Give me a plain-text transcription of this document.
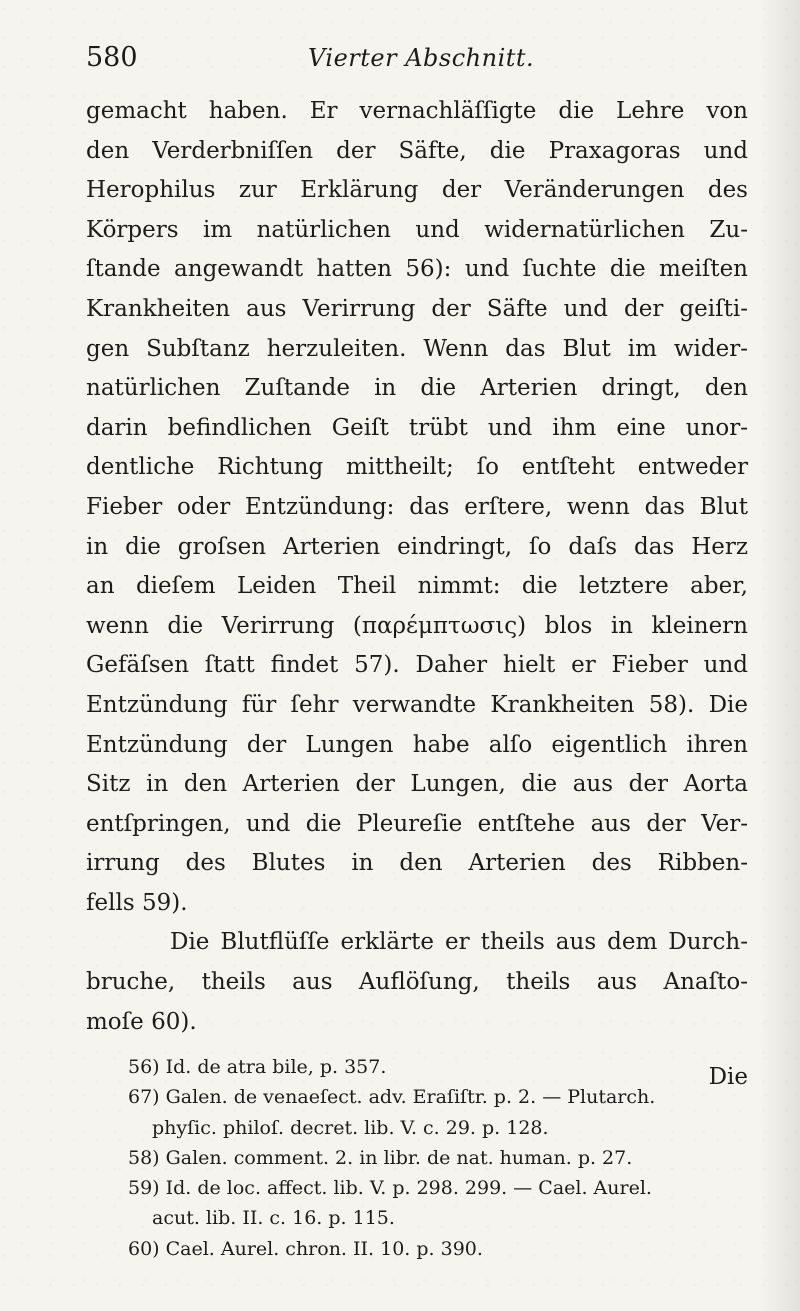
580	Vierter Abschnitt.
gemacht haben. Er vernachläſſigte die Lehre von
den Verderbniſſen der Säfte, die Praxagoras und
Herophilus zur Erklärung der Veränderungen des
Körpers im natürlichen und widernatürlichen Zu-
ſtande angewandt hatten 56): und ſuchte die meiſten
Krankheiten aus Verirrung der Säfte und der geiſti-
gen Subſtanz herzuleiten. Wenn das Blut im wider-
natürlichen Zuſtande in die Arterien dringt, den
darin befindlichen Geiſt trübt und ihm eine unor-
dentliche Richtung mittheilt; ſo entſteht entweder
Fieber oder Entzündung: das erſtere, wenn das Blut
in die groſsen Arterien eindringt, ſo daſs das Herz
an dieſem Leiden Theil nimmt: die letztere aber,
wenn die Verirrung (παρέμπτωσις) blos in kleinern
Gefäſsen ſtatt findet 57). Daher hielt er Fieber und
Entzündung für ſehr verwandte Krankheiten 58). Die
Entzündung der Lungen habe alſo eigentlich ihren
Sitz in den Arterien der Lungen, die aus der Aorta
entſpringen, und die Pleureſie entſtehe aus der Ver-
irrung des Blutes in den Arterien des Ribben-
fells 59).
Die Blutflüſſe erklärte er theils aus dem Durch-
bruche, theils aus Auflöſung, theils aus Anaſto-
moſe 60).
Die
56) Id. de atra bile, p. 357.
67) Galen. de venaeſect. adv. Eraſiſtr. p. 2. — Plutarch.
phyſic. philoſ. decret. lib. V. c. 29. p. 128.
58) Galen. comment. 2. in libr. de nat. human. p. 27.
59) Id. de loc. affect. lib. V. p. 298. 299. — Cael. Aurel.
acut. lib. II. c. 16. p. 115.
60) Cael. Aurel. chron. II. 10. p. 390.
